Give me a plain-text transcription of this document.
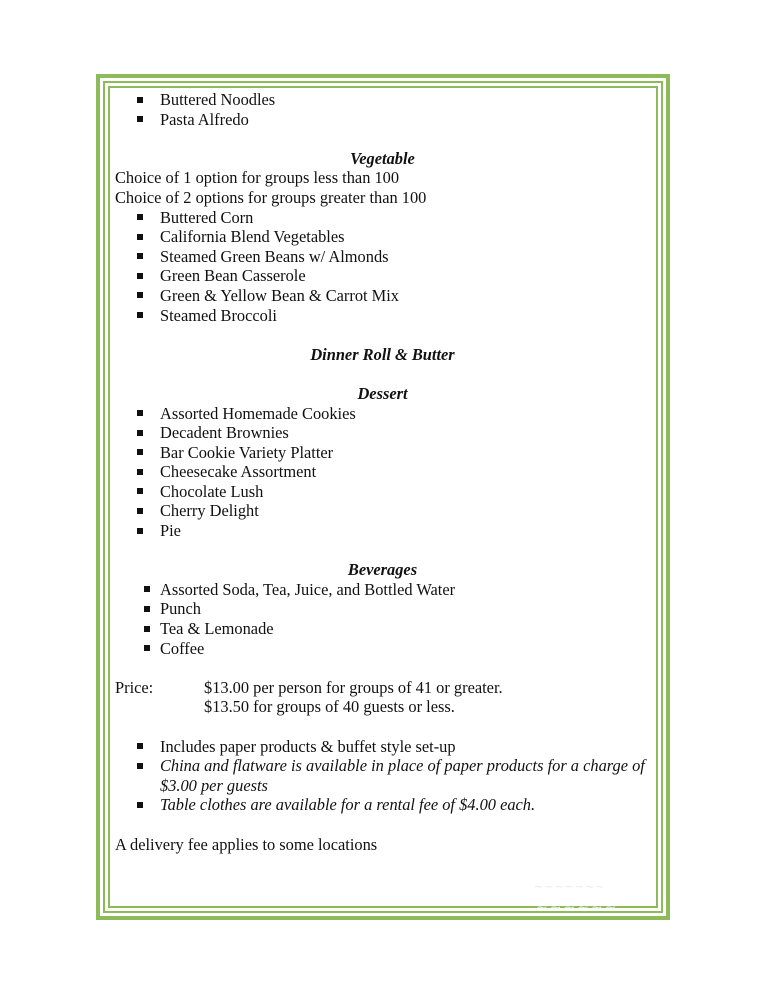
Buttered Noodles
Pasta Alfredo
Vegetable
Choice of 1 option for groups less than 100
Choice of 2 options for groups greater than 100
Buttered Corn
California Blend Vegetables
Steamed Green Beans w/ Almonds
Green Bean Casserole
Green & Yellow Bean & Carrot Mix
Steamed Broccoli
Dinner Roll & Butter
Dessert
Assorted Homemade Cookies
Decadent Brownies
Bar Cookie Variety Platter
Cheesecake Assortment
Chocolate Lush
Cherry Delight
Pie
Beverages
Assorted Soda, Tea, Juice, and Bottled Water
Punch
Tea & Lemonade
Coffee
Price:	$13.00 per person for groups of 41 or greater.
$13.50 for groups of 40 guests or less.
Includes paper products & buffet style set-up
China and flatware is available in place of paper products for a charge of $3.00 per guests
Table clothes are available for a rental fee of $4.00 each.
A delivery fee applies to some locations
~~~~~~~
~~~~~~
